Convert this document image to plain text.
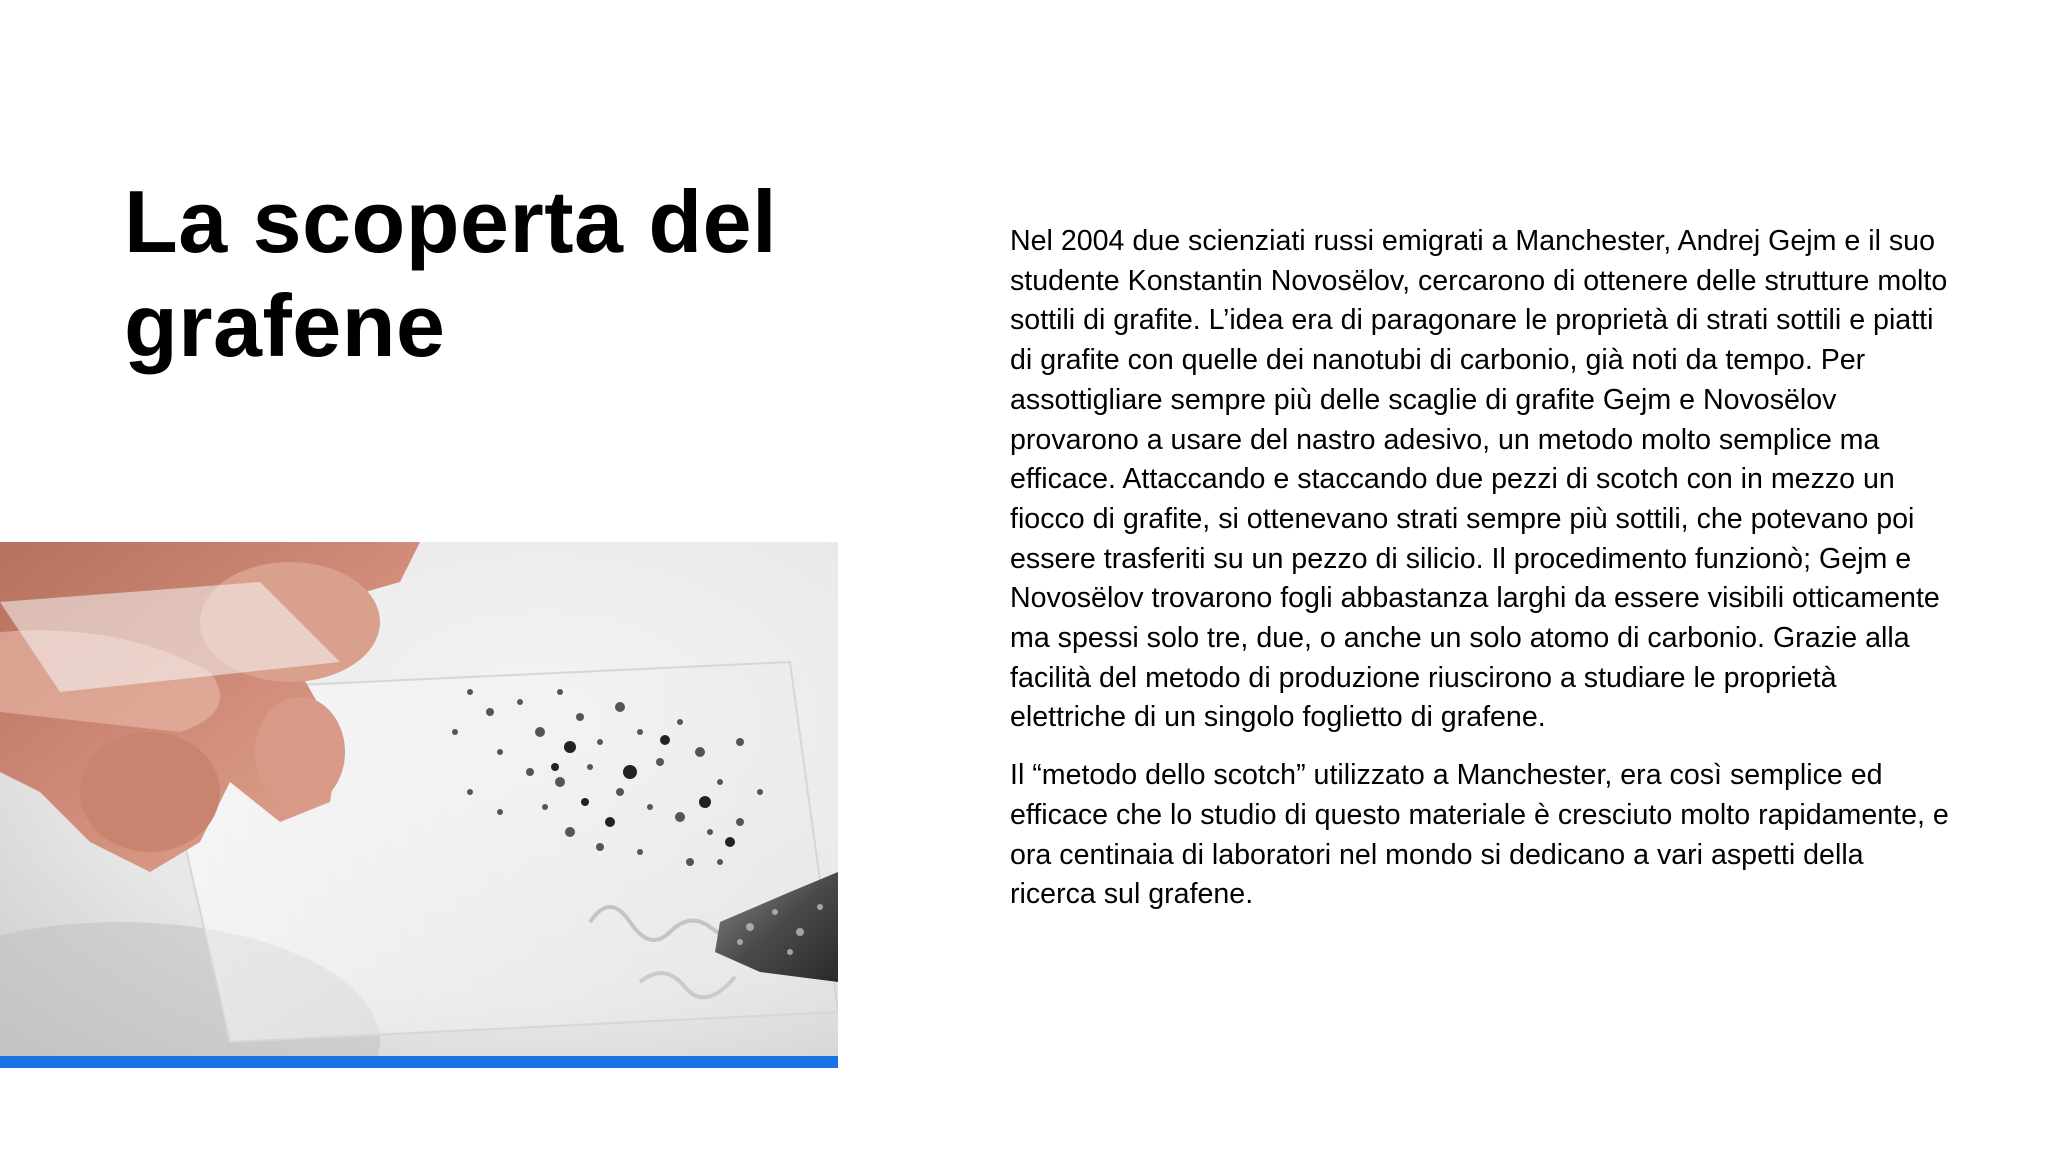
La scoperta del grafene

Nel 2004 due scienziati russi emigrati a Manchester, Andrej Gejm e il suo studente Konstantin Novosëlov, cercarono di ottenere delle strutture molto sottili di grafite. L’idea era di paragonare le proprietà di strati sottili e piatti di grafite con quelle dei nanotubi di carbonio, già noti da tempo. Per assottigliare sempre più delle scaglie di grafite Gejm e Novosëlov provarono a usare del nastro adesivo, un metodo molto semplice ma efficace. Attaccando e staccando due pezzi di scotch con in mezzo un fiocco di grafite, si ottenevano strati sempre più sottili, che potevano poi essere trasferiti su un pezzo di silicio. Il procedimento funzionò; Gejm e Novosëlov trovarono fogli abbastanza larghi da essere visibili otticamente ma spessi solo tre, due, o anche un solo atomo di carbonio. Grazie alla facilità del metodo di produzione riuscirono a studiare le proprietà elettriche di un singolo foglietto di grafene.

Il “metodo dello scotch” utilizzato a Manchester, era così semplice ed efficace che lo studio di questo materiale è cresciuto molto rapidamente, e ora centinaia di laboratori nel mondo si dedicano a vari aspetti della ricerca sul grafene.
